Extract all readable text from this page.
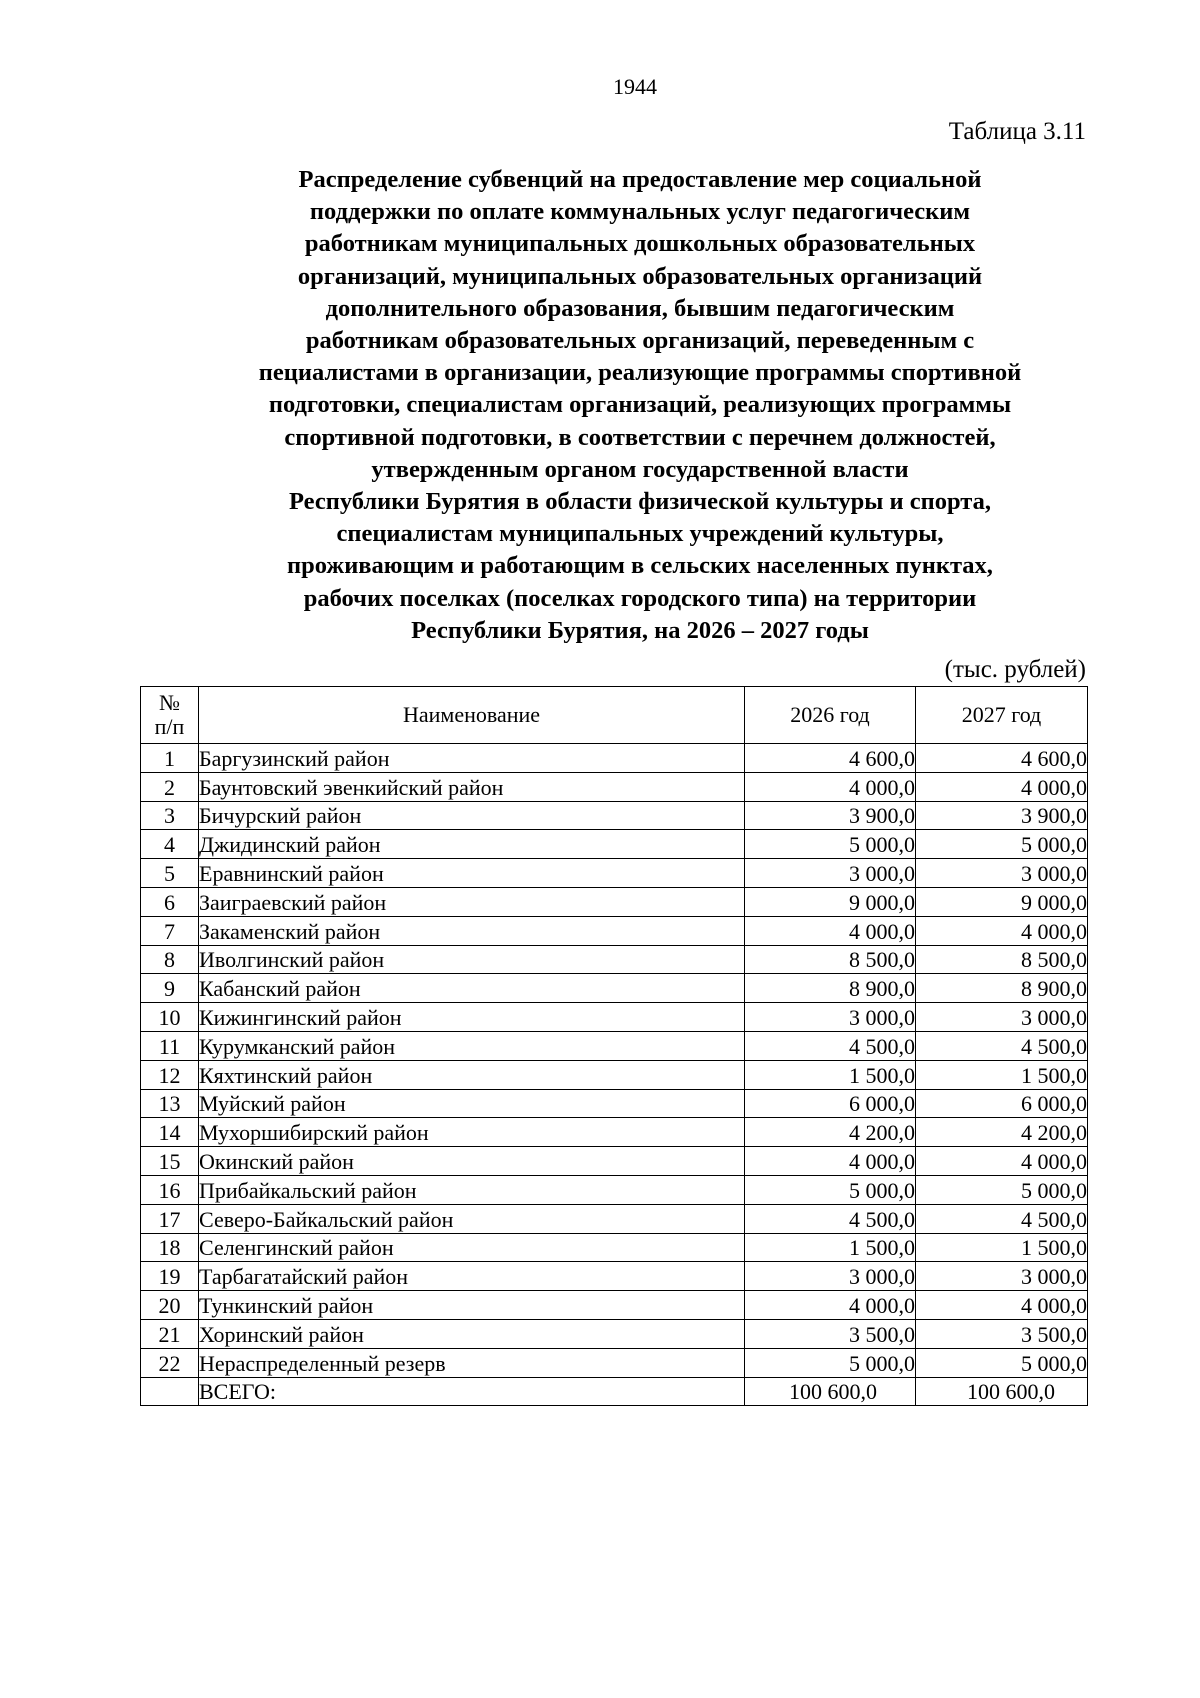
1944
Таблица 3.11
Распределение субвенций на предоставление мер социальной
поддержки по оплате коммунальных услуг педагогическим
работникам муниципальных дошкольных образовательных
организаций, муниципальных образовательных организаций
дополнительного образования, бывшим педагогическим
работникам образовательных организаций, переведенным с
пециалистами в организации, реализующие программы спортивной
подготовки, специалистам организаций, реализующих программы
спортивной подготовки, в соответствии с перечнем должностей,
утвержденным органом государственной власти
Республики Бурятия в области физической культуры и спорта,
специалистам муниципальных учреждений культуры,
проживающим и работающим в сельских населенных пунктах,
рабочих поселках (поселках городского типа) на территории
Республики Бурятия, на 2026 – 2027 годы
(тыс. рублей)
№
п/п	Наименование	2026 год	2027 год
1	Баргузинский район	4 600,0	4 600,0
2	Баунтовский эвенкийский район	4 000,0	4 000,0
3	Бичурский район	3 900,0	3 900,0
4	Джидинский район	5 000,0	5 000,0
5	Еравнинский район	3 000,0	3 000,0
6	Заиграевский район	9 000,0	9 000,0
7	Закаменский район	4 000,0	4 000,0
8	Иволгинский район	8 500,0	8 500,0
9	Кабанский район	8 900,0	8 900,0
10	Кижингинский район	3 000,0	3 000,0
11	Курумканский район	4 500,0	4 500,0
12	Кяхтинский район	1 500,0	1 500,0
13	Муйский район	6 000,0	6 000,0
14	Мухоршибирский район	4 200,0	4 200,0
15	Окинский район	4 000,0	4 000,0
16	Прибайкальский район	5 000,0	5 000,0
17	Северо-Байкальский район	4 500,0	4 500,0
18	Селенгинский район	1 500,0	1 500,0
19	Тарбагатайский район	3 000,0	3 000,0
20	Тункинский район	4 000,0	4 000,0
21	Хоринский район	3 500,0	3 500,0
22	Нераспределенный резерв	5 000,0	5 000,0
	ВСЕГО:	100 600,0	100 600,0
